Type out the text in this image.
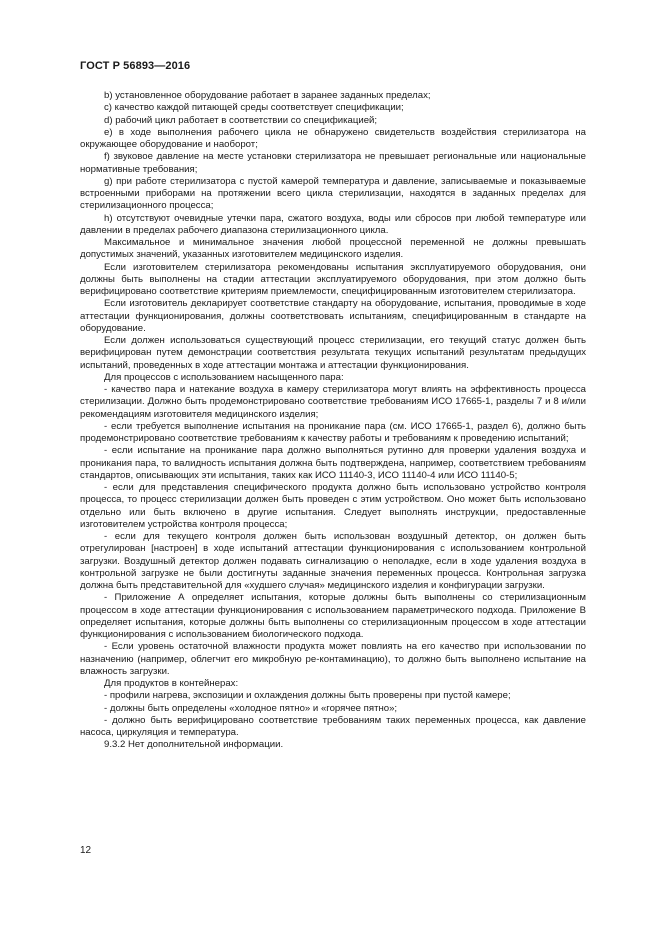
ГОСТ Р 56893—2016

b) установленное оборудование работает в заранее заданных пределах;

c) качество каждой питающей среды соответствует спецификации;

d) рабочий цикл работает в соответствии со спецификацией;

e) в ходе выполнения рабочего цикла не обнаружено свидетельств воздействия стерилизатора на окружающее оборудование и наоборот;

f) звуковое давление на месте установки стерилизатора не превышает региональные или национальные нормативные требования;

g) при работе стерилизатора с пустой камерой температура и давление, записываемые и показываемые встроенными приборами на протяжении всего цикла стерилизации, находятся в заданных пределах для стерилизационного процесса;

h) отсутствуют очевидные утечки пара, сжатого воздуха, воды или сбросов при любой температуре или давлении в пределах рабочего диапазона стерилизационного цикла.

Максимальное и минимальное значения любой процессной переменной не должны превышать допустимых значений, указанных изготовителем медицинского изделия.

Если изготовителем стерилизатора рекомендованы испытания эксплуатируемого оборудования, они должны быть выполнены на стадии аттестации эксплуатируемого оборудования, при этом должно быть верифицировано соответствие критериям приемлемости, специфицированным изготовителем стерилизатора.

Если изготовитель декларирует соответствие стандарту на оборудование, испытания, проводимые в ходе аттестации функционирования, должны соответствовать испытаниям, специфицированным в стандарте на оборудование.

Если должен использоваться существующий процесс стерилизации, его текущий статус должен быть верифицирован путем демонстрации соответствия результата текущих испытаний результатам предыдущих испытаний, проведенных в ходе аттестации монтажа и аттестации функционирования.

Для процессов с использованием насыщенного пара:

- качество пара и натекание воздуха в камеру стерилизатора могут влиять на эффективность процесса стерилизации. Должно быть продемонстрировано соответствие требованиям ИСО 17665-1, разделы 7 и 8 и/или рекомендациям изготовителя медицинского изделия;

- если требуется выполнение испытания на проникание пара (см. ИСО 17665-1, раздел 6), должно быть продемонстрировано соответствие требованиям к качеству работы и требованиям к проведению испытаний;

- если испытание на проникание пара должно выполняться рутинно для проверки удаления воздуха и проникания пара, то валидность испытания должна быть подтверждена, например, соответствием требованиям стандартов, описывающих эти испытания, таких как ИСО 11140-3, ИСО 11140-4 или ИСО 11140-5;

- если для представления специфического продукта должно быть использовано устройство контроля процесса, то процесс стерилизации должен быть проведен с этим устройством. Оно может быть использовано отдельно или быть включено в другие испытания. Следует выполнять инструкции, предоставленные изготовителем устройства контроля процесса;

- если для текущего контроля должен быть использован воздушный детектор, он должен быть отрегулирован [настроен] в ходе испытаний аттестации функционирования с использованием контрольной загрузки. Воздушный детектор должен подавать сигнализацию о неполадке, если в ходе удаления воздуха в контрольной загрузке не были достигнуты заданные значения переменных процесса. Контрольная загрузка должна быть представительной для «худшего случая» медицинского изделия и конфигурации загрузки.

- Приложение А определяет испытания, которые должны быть выполнены со стерилизационным процессом в ходе аттестации функционирования с использованием параметрического подхода. Приложение В определяет испытания, которые должны быть выполнены со стерилизационным процессом в ходе аттестации функционирования с использованием биологического подхода.

- Если уровень остаточной влажности продукта может повлиять на его качество при использовании по назначению (например, облегчит его микробную ре-контаминацию), то должно быть выполнено испытание на влажность загрузки.

Для продуктов в контейнерах:

- профили нагрева, экспозиции и охлаждения должны быть проверены при пустой камере;

- должны быть определены «холодное пятно» и «горячее пятно»;

- должно быть верифицировано соответствие требованиям таких переменных процесса, как давление насоса, циркуляция и температура.

9.3.2 Нет дополнительной информации.

12
